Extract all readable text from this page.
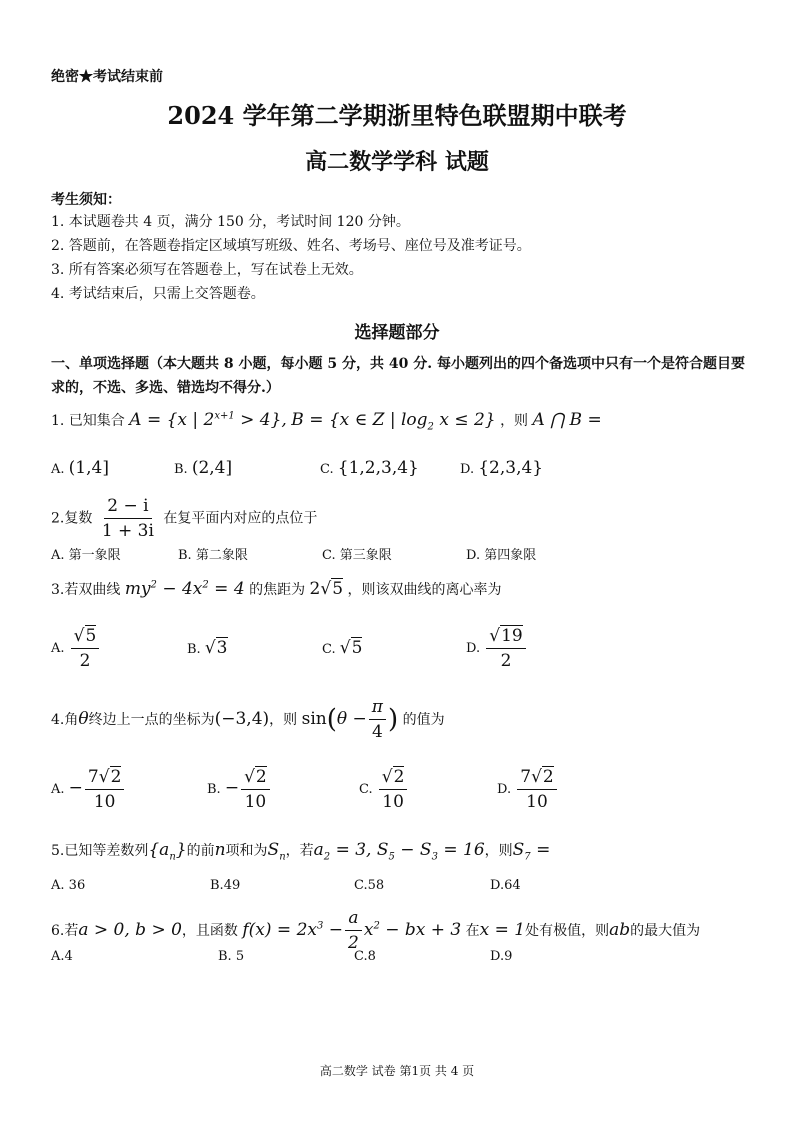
绝密★考试结束前
2024 学年第二学期浙里特色联盟期中联考
高二数学学科 试题
考生须知：
1. 本试题卷共 4 页，满分 150 分，考试时间 120 分钟。
2. 答题前，在答题卷指定区域填写班级、姓名、考场号、座位号及准考证号。
3. 所有答案必须写在答题卷上，写在试卷上无效。
4. 考试结束后，只需上交答题卷。
选择题部分
一、单项选择题（本大题共 8 小题，每小题 5 分，共 40 分. 每小题列出的四个备选项中只有一个是符合题目要求的，不选、多选、错选均不得分.）
1. 已知集合 A = {x | $2^{x+1} > 4$}, B = {x ∈ Z | $\log_2 x \le 2$} ，则 A ⋂ B =
A. (1,4]	B. (2,4]	C. {1,2,3,4}	D. {2,3,4}
2.复数 $\frac{2 - i}{1 + 3i}$ 在复平面内对应的点位于
A. 第一象限	B. 第二象限	C. 第三象限	D. 第四象限
3.若双曲线 $my^2 - 4x^2 = 4$ 的焦距为 2√5 ，则该双曲线的离心率为
A. $\frac{√5}{2}$	B. √3	C. √5	D. $\frac{√19}{2}$
4.角θ终边上一点的坐标为(−3,4)，则 $\sin(\theta - \frac{\pi}{4}$ ) 的值为
A. − $\frac{7√2}{10}$	B. − $\frac{√2}{10}$	C. $\frac{√2}{10}$	D. $\frac{7√2}{10}$
5.已知等差数列$\{a_n\}$的前n项和为$S_n$，若$a_2 = 3$, $S_5 - S_3 = 16$，则$S_7$ =
A. 36	B.49	C.58	D.64
6.若a > 0, b > 0，且函数 $f(x) = 2x^3 - \frac{a}{2} x^2$ − bx + 3 在x = 1处有极值，则ab的最大值为
A.4	B. 5	C.8	D.9
高二数学 试卷 第1页 共 4 页
